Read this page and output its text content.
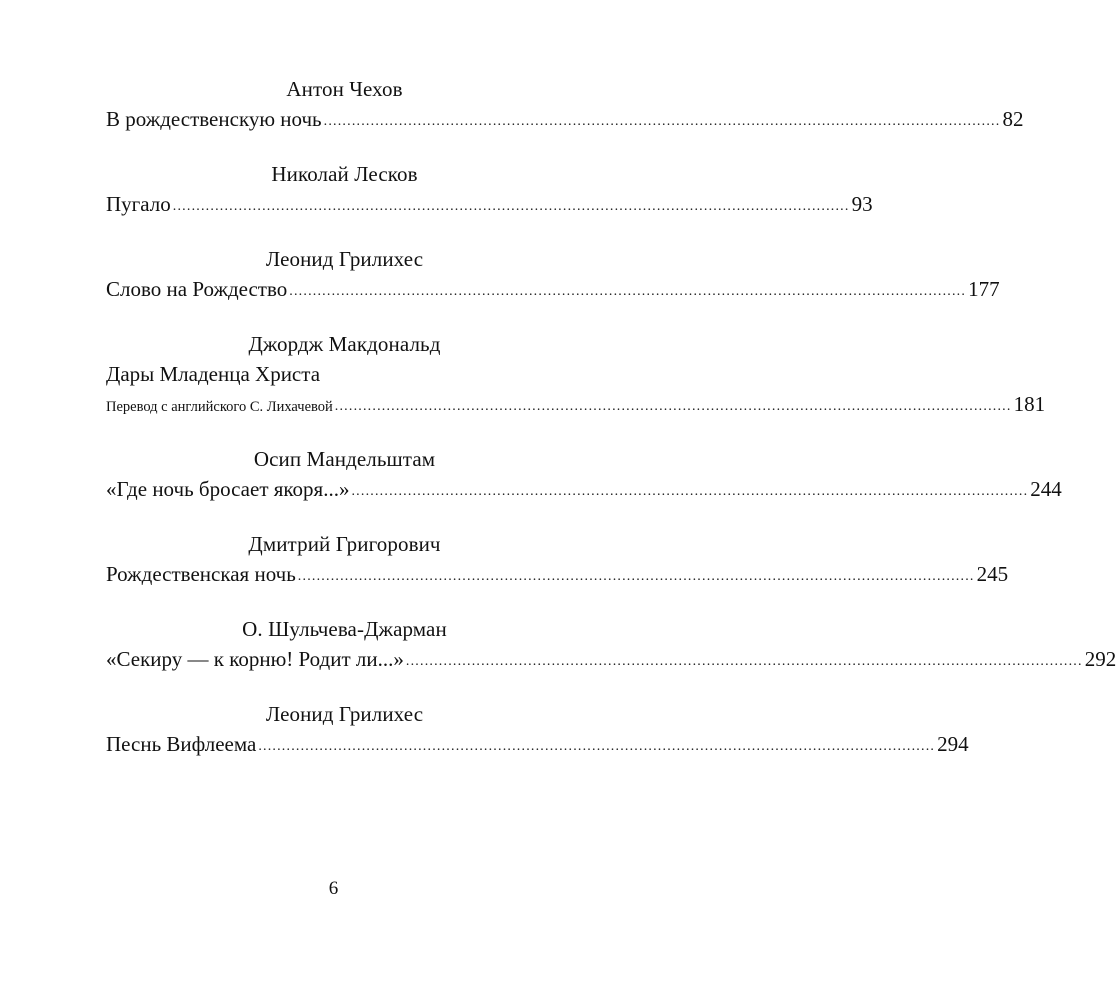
Антон Чехов
В рождественскую ночь ................................................................................................................................................ 82
Николай Лесков
Пугало ................................................................................................................................................ 93
Леонид Грилихес
Слово на Рождество ................................................................................................................................................ 177
Джордж Макдональд
Дары Младенца Христа
Перевод с английского С. Лихачевой ................................................................................................................................................ 181
Осип Мандельштам
«Где ночь бросает якоря...» ................................................................................................................................................ 244
Дмитрий Григорович
Рождественская ночь ................................................................................................................................................ 245
О. Шульчева-Джарман
«Секиру — к корню! Родит ли...» ................................................................................................................................................ 292
Леонид Грилихес
Песнь Вифлеема ................................................................................................................................................ 294
6
